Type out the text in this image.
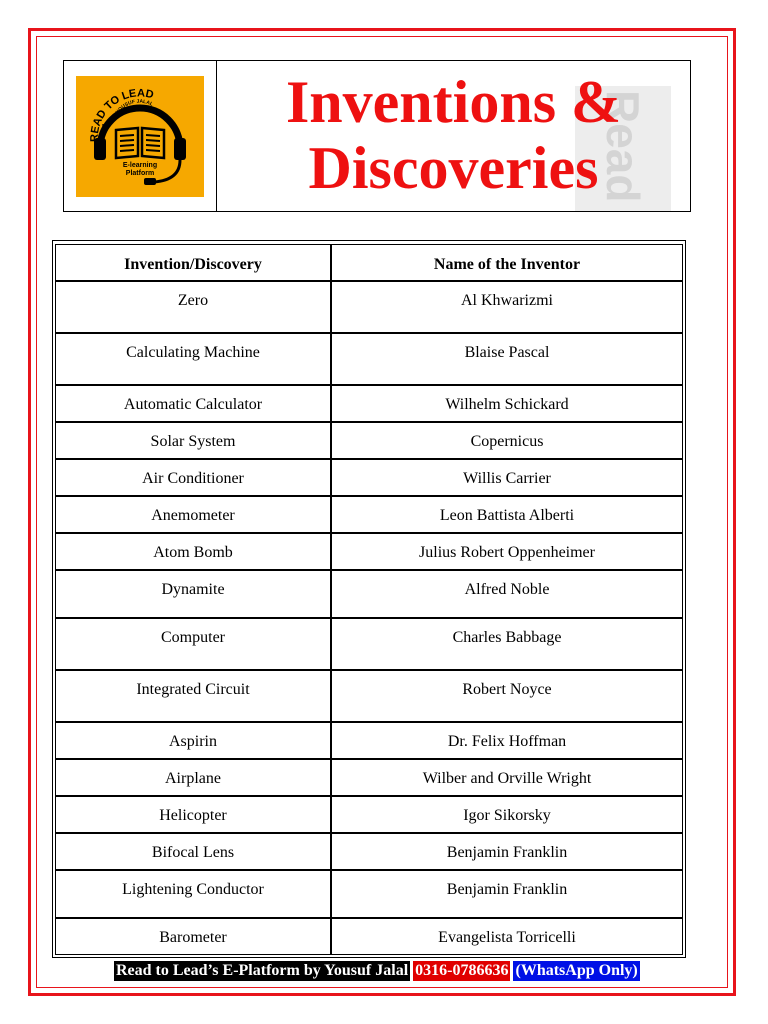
READ TO LEAD
YOUSUF JALAL
BY
E-learning
Platform	Read
Inventions &
Discoveries
Invention/Discovery	Name of the Inventor
Zero	Al Khwarizmi
Calculating Machine	Blaise Pascal
Automatic Calculator	Wilhelm Schickard
Solar System	Copernicus
Air Conditioner	Willis Carrier
Anemometer	Leon Battista Alberti
Atom Bomb	Julius Robert Oppenheimer
Dynamite	Alfred Noble
Computer	Charles Babbage
Integrated Circuit	Robert Noyce
Aspirin	Dr. Felix Hoffman
Airplane	Wilber and Orville Wright
Helicopter	Igor Sikorsky
Bifocal Lens	Benjamin Franklin
Lightening Conductor	Benjamin Franklin
Barometer	Evangelista Torricelli
Read to Lead’s E-Platform by Yousuf Jalal 0316-0786636 (WhatsApp Only)
